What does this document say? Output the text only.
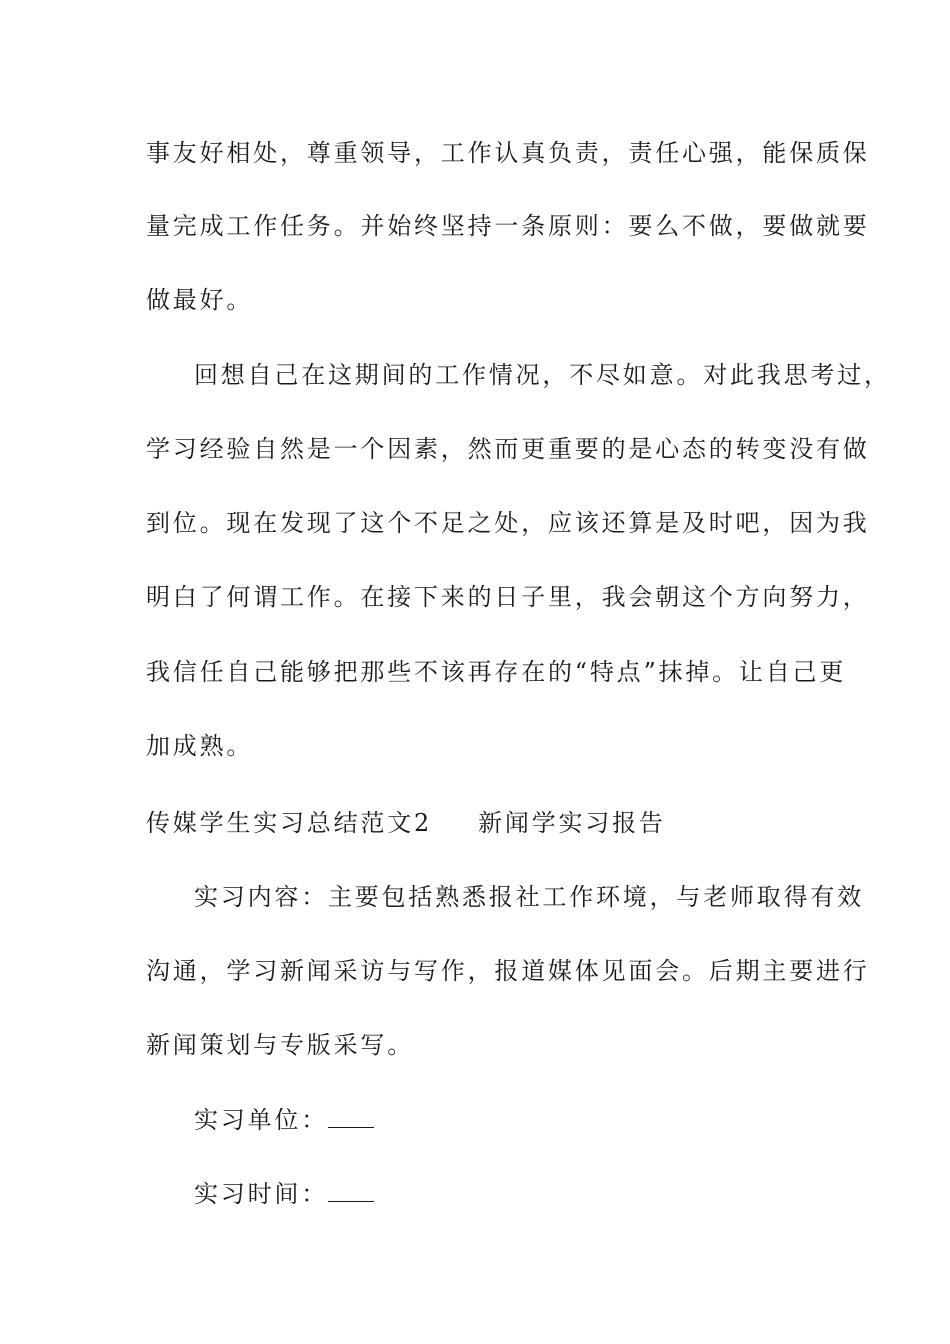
事友好相处，尊重领导，工作认真负责，责任心强，能保质保
量完成工作任务。并始终坚持一条原则：要么不做，要做就要
做最好。
回想自己在这期间的工作情况，不尽如意。对此我思考过，
学习经验自然是一个因素，然而更重要的是心态的转变没有做
到位。现在发现了这个不足之处，应该还算是及时吧，因为我
明白了何谓工作。在接下来的日子里，我会朝这个方向努力，
我信任自己能够把那些不该再存在的“特点”抹掉。让自己更
加成熟。
传媒学生实习总结范文2 新闻学实习报告
实习内容：主要包括熟悉报社工作环境，与老师取得有效
沟通，学习新闻采访与写作，报道媒体见面会。后期主要进行
新闻策划与专版采写。
实习单位：
实习时间：
